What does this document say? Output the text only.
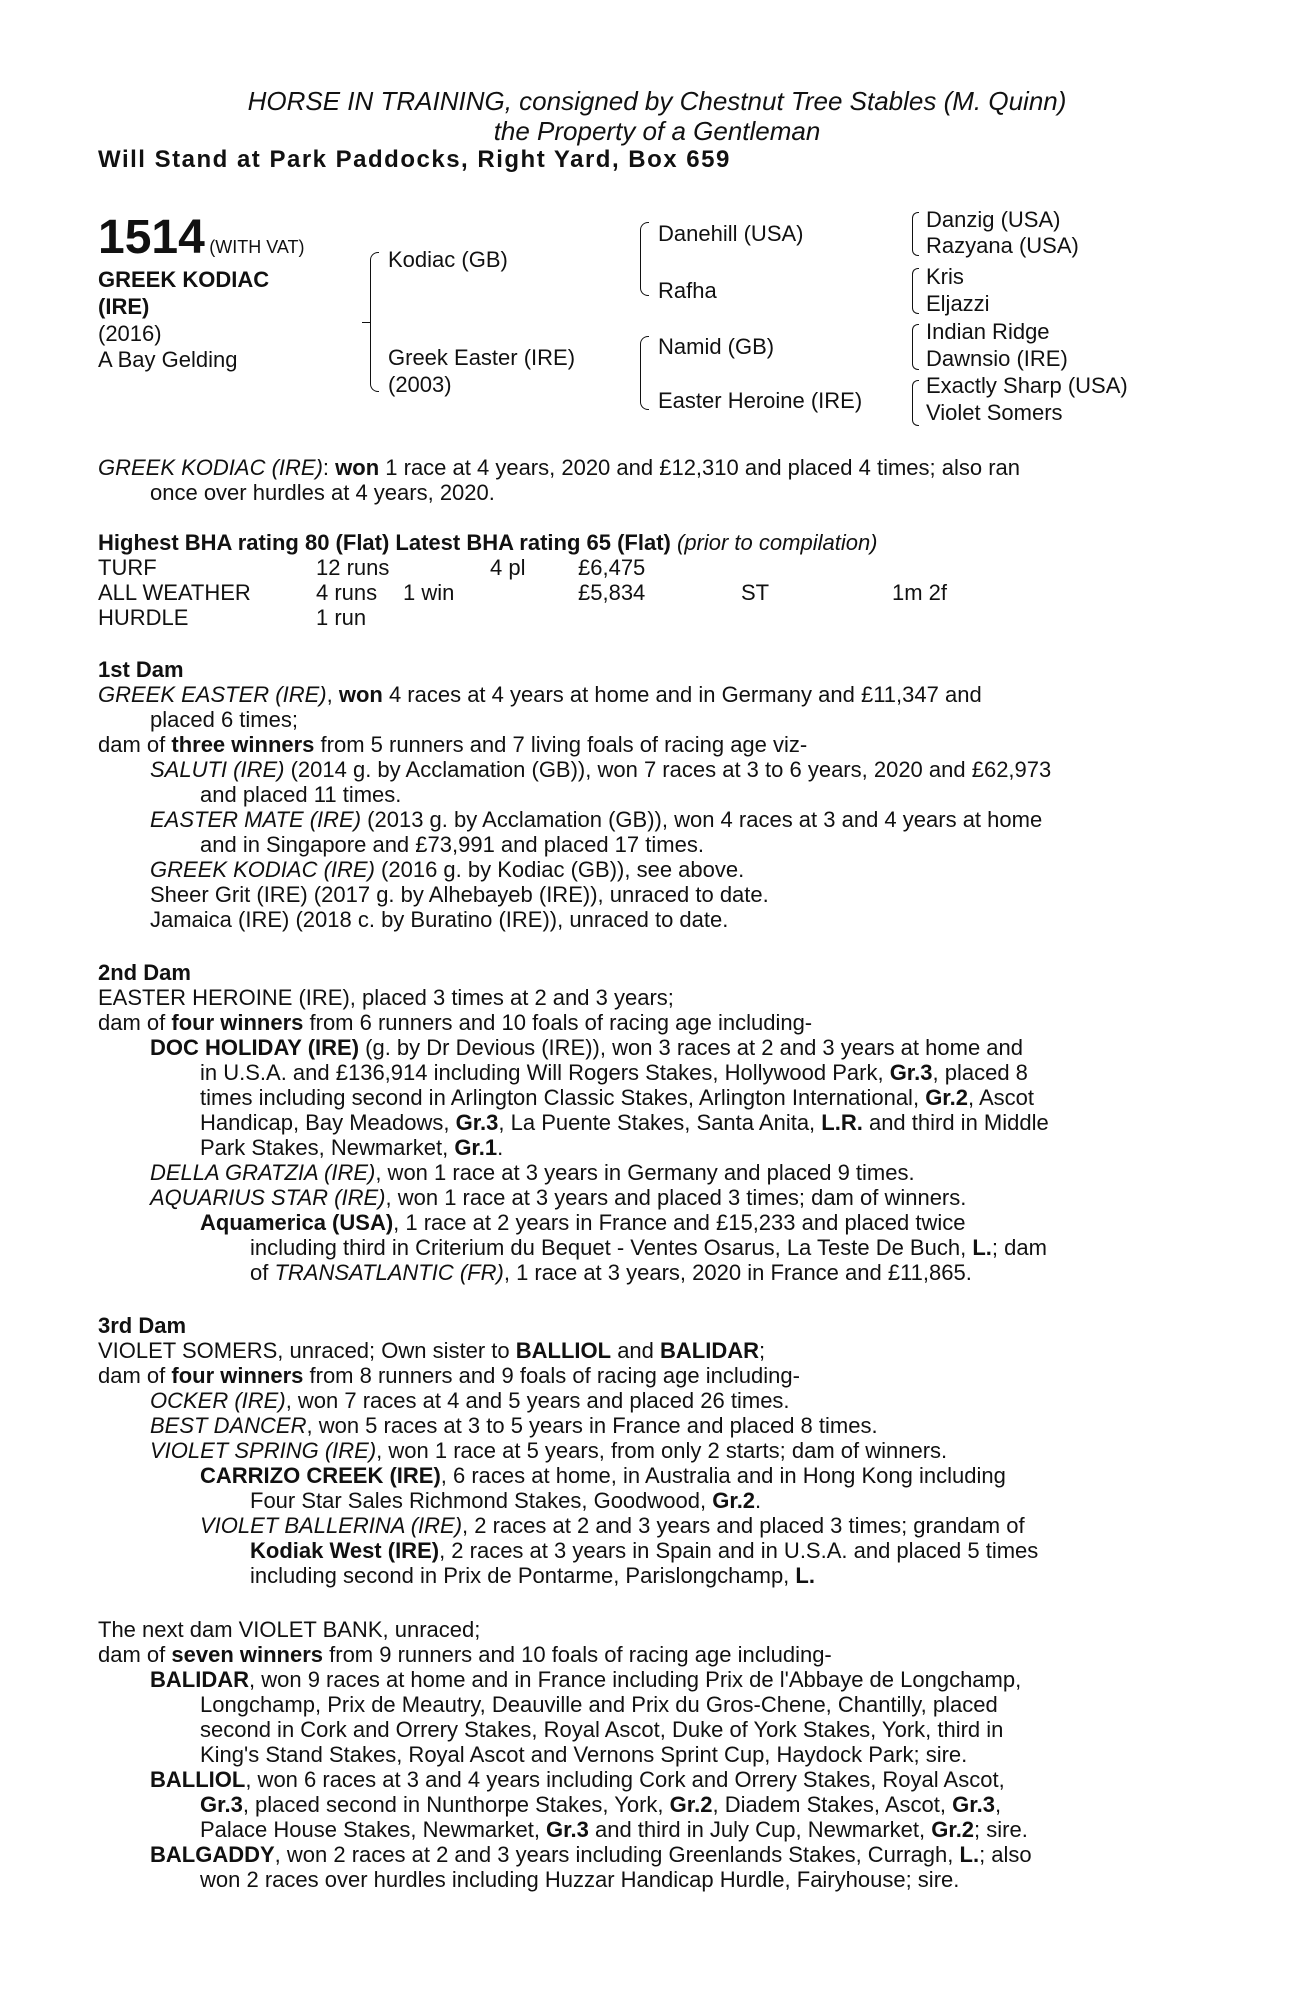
HORSE IN TRAINING, consigned by Chestnut Tree Stables (M. Quinn)
the Property of a Gentleman
Will Stand at Park Paddocks, Right Yard, Box 659
1514 (WITH VAT)
GREEK KODIAC
(IRE)
(2016)
A Bay Gelding
Kodiac (GB)
Greek Easter (IRE)
(2003)
Danehill (USA)
Rafha
Namid (GB)
Easter Heroine (IRE)
Danzig (USA)
Razyana (USA)
Kris
Eljazzi
Indian Ridge
Dawnsio (IRE)
Exactly Sharp (USA)
Violet Somers
GREEK KODIAC (IRE): won 1 race at 4 years, 2020 and £12,310 and placed 4 times; also ran
once over hurdles at 4 years, 2020.
Highest BHA rating 80 (Flat) Latest BHA rating 65 (Flat) (prior to compilation)
TURF	12 runs	4 pl £6,475
ALL WEATHER	4 runs 1 win	£5,834	ST	1m 2f
HURDLE	1 run
1st Dam
GREEK EASTER (IRE), won 4 races at 4 years at home and in Germany and £11,347 and
placed 6 times;
dam of three winners from 5 runners and 7 living foals of racing age viz-
SALUTI (IRE) (2014 g. by Acclamation (GB)), won 7 races at 3 to 6 years, 2020 and £62,973
and placed 11 times.
EASTER MATE (IRE) (2013 g. by Acclamation (GB)), won 4 races at 3 and 4 years at home
and in Singapore and £73,991 and placed 17 times.
GREEK KODIAC (IRE) (2016 g. by Kodiac (GB)), see above.
Sheer Grit (IRE) (2017 g. by Alhebayeb (IRE)), unraced to date.
Jamaica (IRE) (2018 c. by Buratino (IRE)), unraced to date.
2nd Dam
EASTER HEROINE (IRE), placed 3 times at 2 and 3 years;
dam of four winners from 6 runners and 10 foals of racing age including-
DOC HOLIDAY (IRE) (g. by Dr Devious (IRE)), won 3 races at 2 and 3 years at home and
in U.S.A. and £136,914 including Will Rogers Stakes, Hollywood Park, Gr.3, placed 8
times including second in Arlington Classic Stakes, Arlington International, Gr.2, Ascot
Handicap, Bay Meadows, Gr.3, La Puente Stakes, Santa Anita, L.R. and third in Middle
Park Stakes, Newmarket, Gr.1.
DELLA GRATZIA (IRE), won 1 race at 3 years in Germany and placed 9 times.
AQUARIUS STAR (IRE), won 1 race at 3 years and placed 3 times; dam of winners.
Aquamerica (USA), 1 race at 2 years in France and £15,233 and placed twice
including third in Criterium du Bequet - Ventes Osarus, La Teste De Buch, L.; dam
of TRANSATLANTIC (FR), 1 race at 3 years, 2020 in France and £11,865.
3rd Dam
VIOLET SOMERS, unraced; Own sister to BALLIOL and BALIDAR;
dam of four winners from 8 runners and 9 foals of racing age including-
OCKER (IRE), won 7 races at 4 and 5 years and placed 26 times.
BEST DANCER, won 5 races at 3 to 5 years in France and placed 8 times.
VIOLET SPRING (IRE), won 1 race at 5 years, from only 2 starts; dam of winners.
CARRIZO CREEK (IRE), 6 races at home, in Australia and in Hong Kong including
Four Star Sales Richmond Stakes, Goodwood, Gr.2.
VIOLET BALLERINA (IRE), 2 races at 2 and 3 years and placed 3 times; grandam of
Kodiak West (IRE), 2 races at 3 years in Spain and in U.S.A. and placed 5 times
including second in Prix de Pontarme, Parislongchamp, L.
The next dam VIOLET BANK, unraced;
dam of seven winners from 9 runners and 10 foals of racing age including-
BALIDAR, won 9 races at home and in France including Prix de l'Abbaye de Longchamp,
Longchamp, Prix de Meautry, Deauville and Prix du Gros-Chene, Chantilly, placed
second in Cork and Orrery Stakes, Royal Ascot, Duke of York Stakes, York, third in
King's Stand Stakes, Royal Ascot and Vernons Sprint Cup, Haydock Park; sire.
BALLIOL, won 6 races at 3 and 4 years including Cork and Orrery Stakes, Royal Ascot,
Gr.3, placed second in Nunthorpe Stakes, York, Gr.2, Diadem Stakes, Ascot, Gr.3,
Palace House Stakes, Newmarket, Gr.3 and third in July Cup, Newmarket, Gr.2; sire.
BALGADDY, won 2 races at 2 and 3 years including Greenlands Stakes, Curragh, L.; also
won 2 races over hurdles including Huzzar Handicap Hurdle, Fairyhouse; sire.
